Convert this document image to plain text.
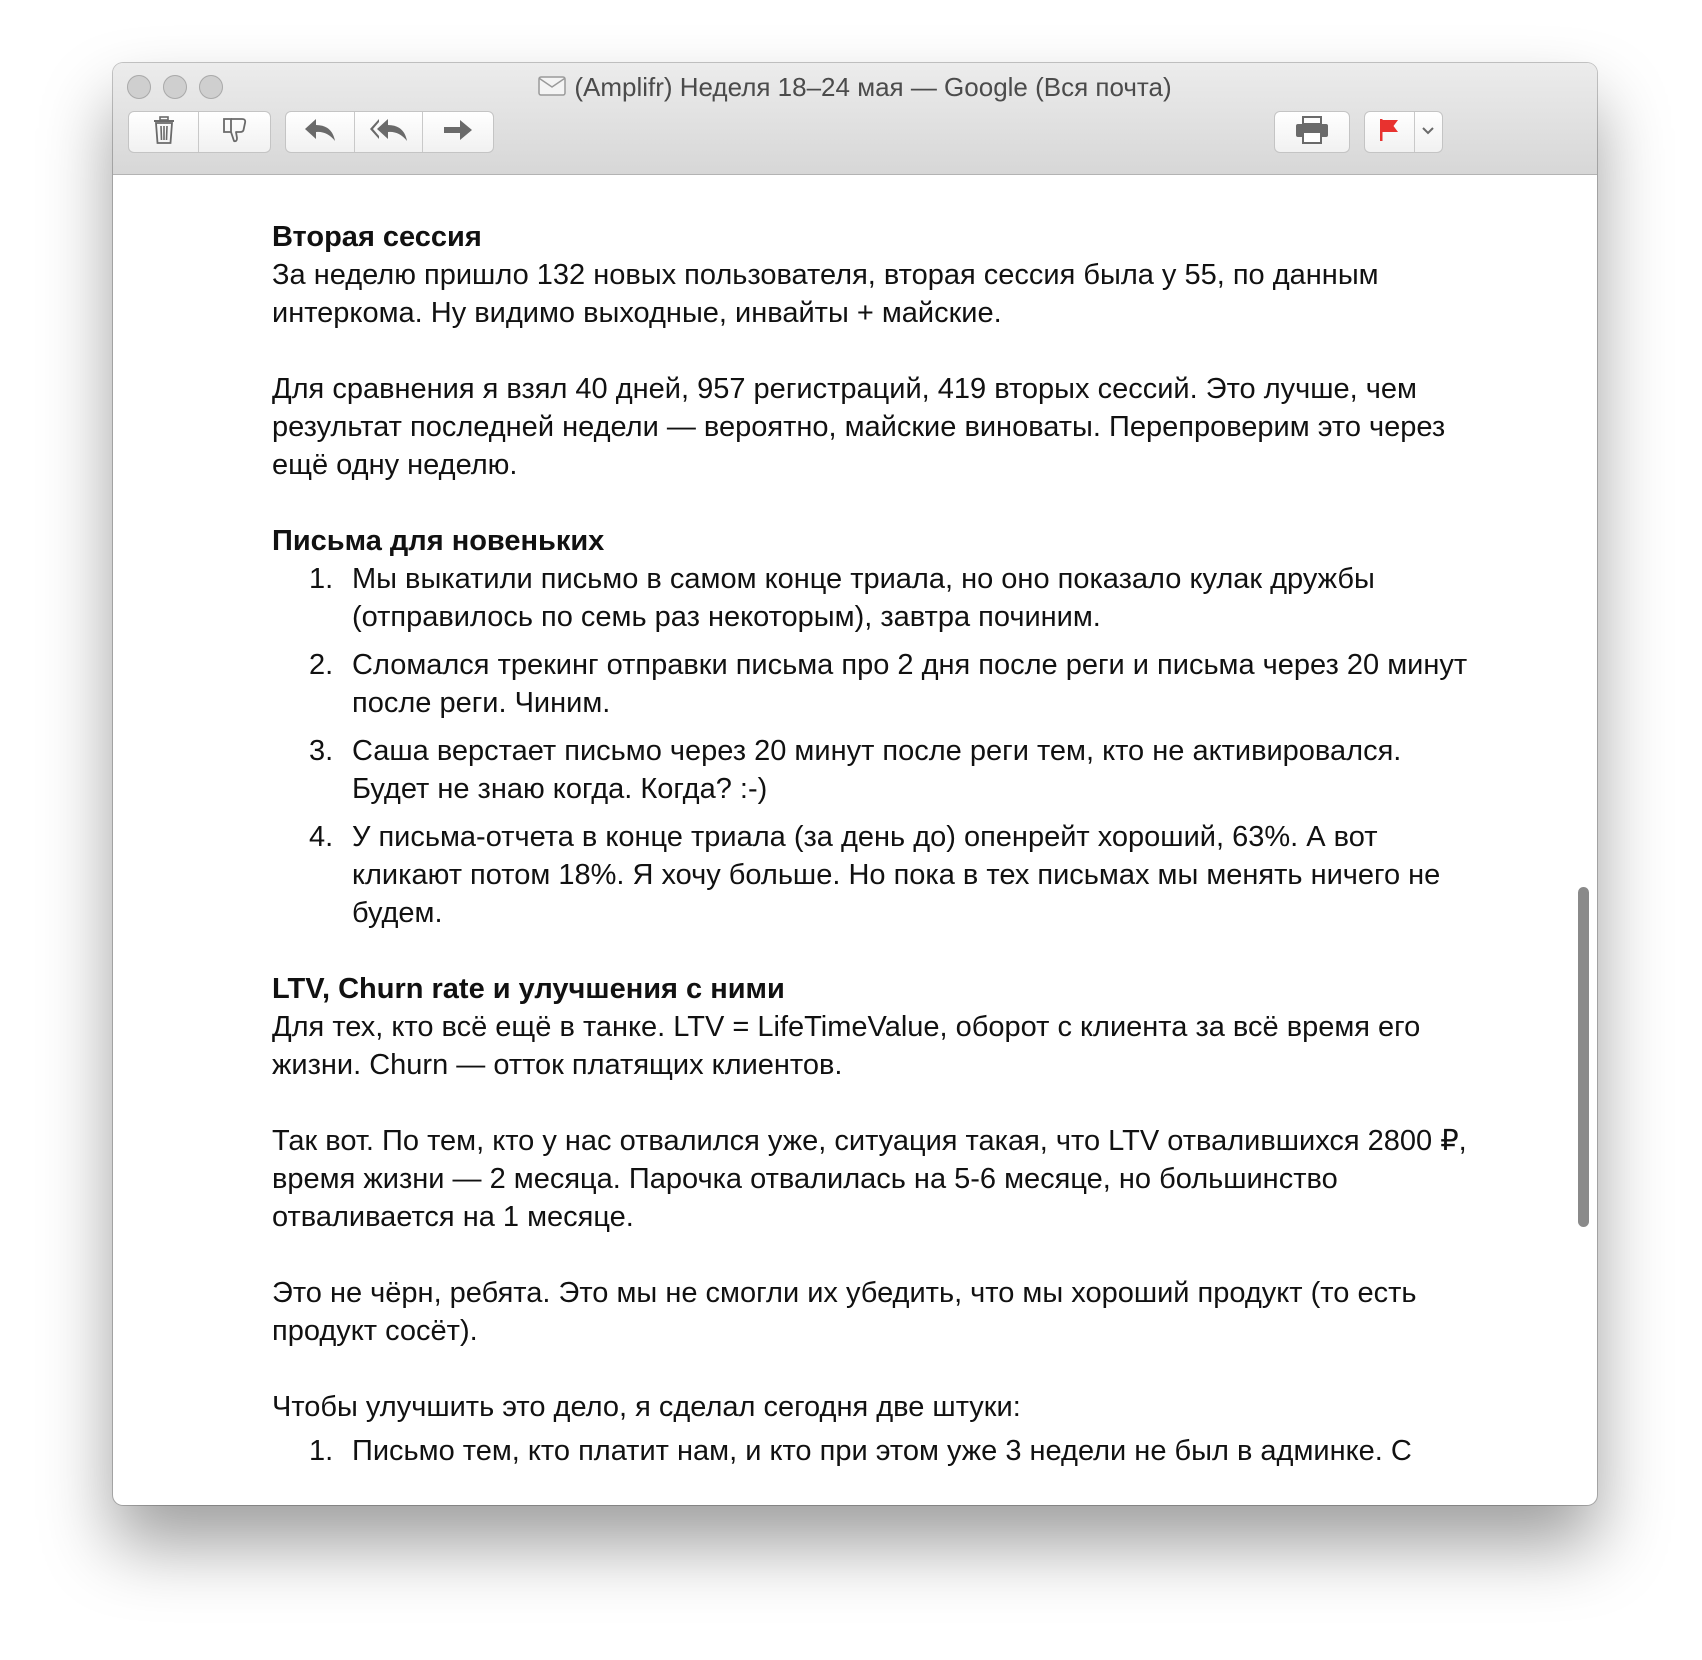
(Amplifr) Неделя 18–24 мая — Google (Вся почта)
Вторая сессия

За неделю пришло 132 новых пользователя, вторая сессия была у 55, по данным интеркома. Ну видимо выходные, инвайты + майские.

Для сравнения я взял 40 дней, 957 регистраций, 419 вторых сессий. Это лучше, чем результат последней недели — вероятно, майские виноваты. Перепроверим это через ещё одну неделю.

Письма для новеньких
1. Мы выкатили письмо в самом конце триала, но оно показало кулак дружбы (отправилось по семь раз некоторым), завтра починим.
2. Сломался трекинг отправки письма про 2 дня после реги и письма через 20 минут после реги. Чиним.
3. Саша верстает письмо через 20 минут после реги тем, кто не активировался. Будет не знаю когда. Когда? :-)
4. У письма-отчета в конце триала (за день до) опенрейт хороший, 63%. А вот кликают потом 18%. Я хочу больше. Но пока в тех письмах мы менять ничего не будем.
LTV, Churn rate и улучшения с ними

Для тех, кто всё ещё в танке. LTV = LifeTimeValue, оборот с клиента за всё время его жизни. Churn — отток платящих клиентов.

Так вот. По тем, кто у нас отвалился уже, ситуация такая, что LTV отвалившихся 2800 ₽, время жизни — 2 месяца. Парочка отвалилась на 5-6 месяце, но большинство отваливается на 1 месяце.

Это не чёрн, ребята. Это мы не смогли их убедить, что мы хороший продукт (то есть продукт сосёт).

Чтобы улучшить это дело, я сделал сегодня две штуки:

1. Письмо тем, кто платит нам, и кто при этом уже 3 недели не был в админке. С
